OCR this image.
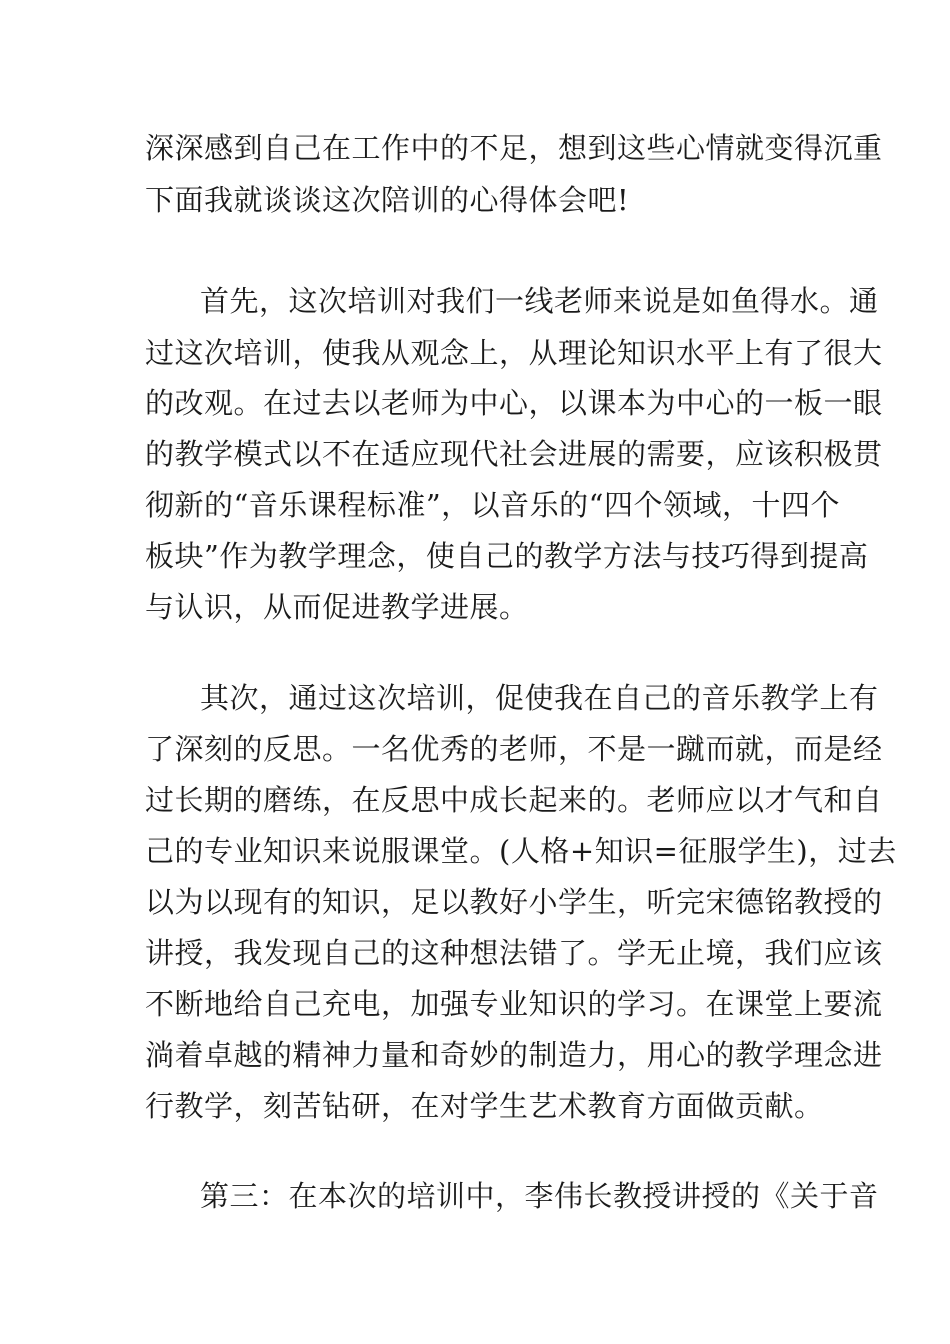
深深感到自己在工作中的不足，想到这些心情就变得沉重
下面我就谈谈这次陪训的心得体会吧!
首先，这次培训对我们一线老师来说是如鱼得水。通
过这次培训，使我从观念上，从理论知识水平上有了很大
的改观。在过去以老师为中心，以课本为中心的一板一眼
的教学模式以不在适应现代社会进展的需要，应该积极贯
彻新的“音乐课程标准”，以音乐的“四个领域，十四个
板块”作为教学理念，使自己的教学方法与技巧得到提高
与认识，从而促进教学进展。
其次，通过这次培训，促使我在自己的音乐教学上有
了深刻的反思。一名优秀的老师，不是一蹴而就，而是经
过长期的磨练，在反思中成长起来的。老师应以才气和自
己的专业知识来说服课堂。(人格+知识=征服学生)，过去
以为以现有的知识，足以教好小学生，听完宋德铭教授的
讲授，我发现自己的这种想法错了。学无止境，我们应该
不断地给自己充电，加强专业知识的学习。在课堂上要流
淌着卓越的精神力量和奇妙的制造力，用心的教学理念进
行教学，刻苦钻研，在对学生艺术教育方面做贡献。
第三：在本次的培训中，李伟长教授讲授的《关于音
